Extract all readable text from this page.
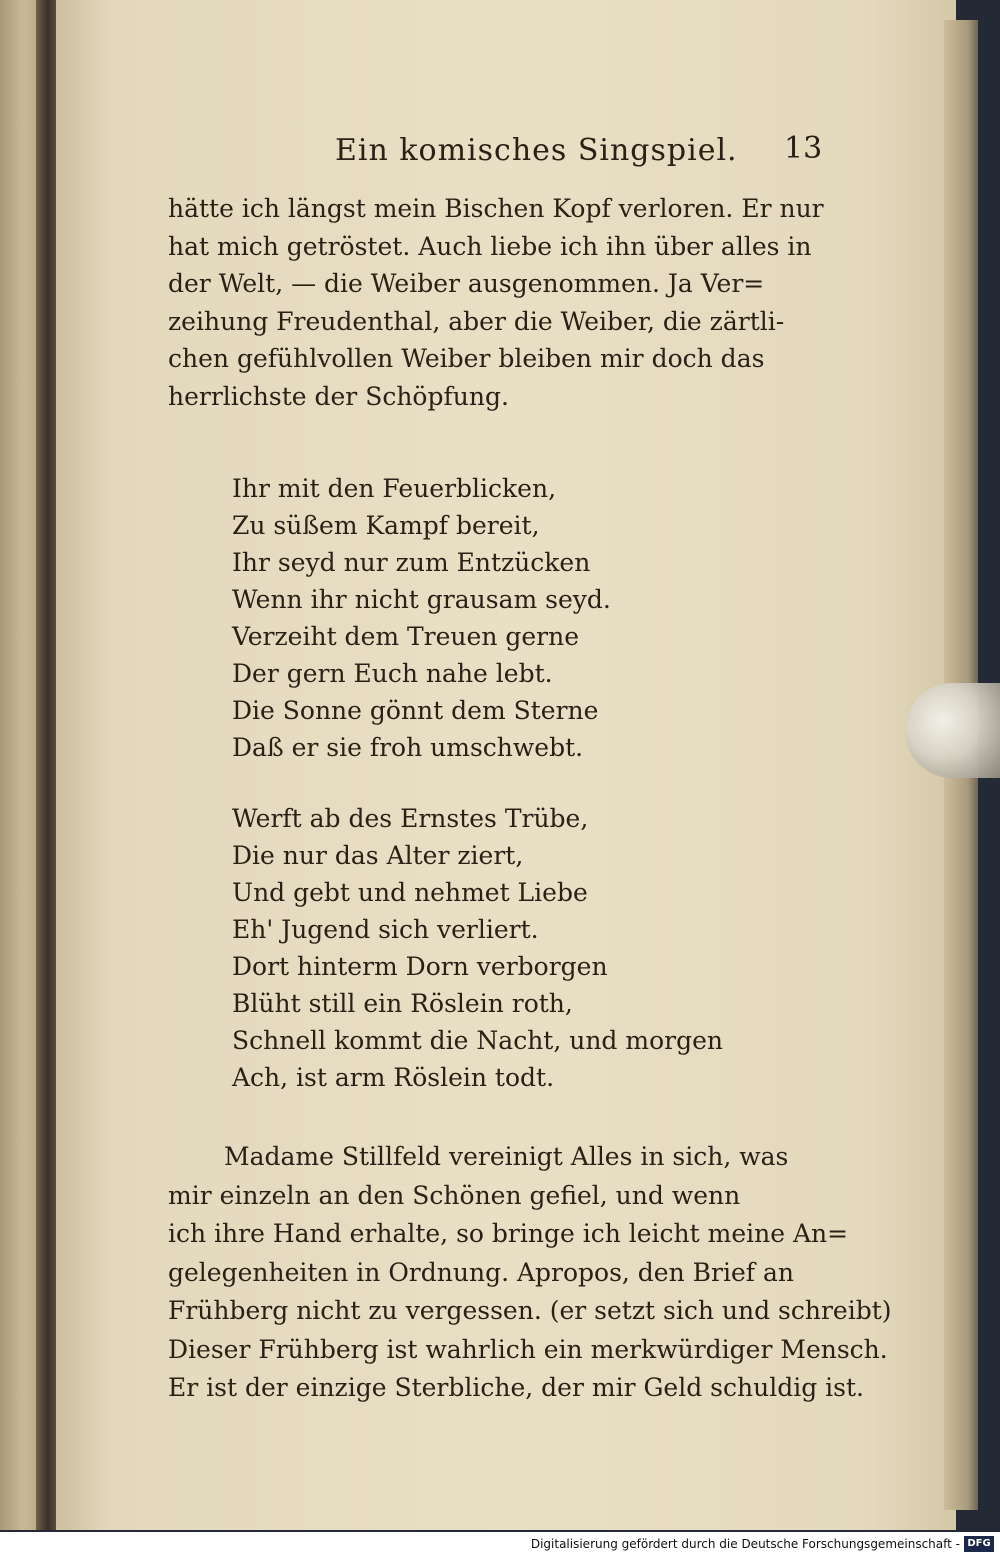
Ein komisches Singspiel. 13
hätte ich längst mein Bischen Kopf verloren. Er nur
hat mich getröstet. Auch liebe ich ihn über alles in
der Welt, — die Weiber ausgenommen. Ja Ver=
zeihung Freudenthal, aber die Weiber, die zärtli-
chen gefühlvollen Weiber bleiben mir doch das
herrlichste der Schöpfung.
Ihr mit den Feuerblicken,
Zu süßem Kampf bereit,
Ihr seyd nur zum Entzücken
Wenn ihr nicht grausam seyd.
Verzeiht dem Treuen gerne
Der gern Euch nahe lebt.
Die Sonne gönnt dem Sterne
Daß er sie froh umschwebt.
Werft ab des Ernstes Trübe,
Die nur das Alter ziert,
Und gebt und nehmet Liebe
Eh' Jugend sich verliert.
Dort hinterm Dorn verborgen
Blüht still ein Röslein roth,
Schnell kommt die Nacht, und morgen
Ach, ist arm Röslein todt.
Madame Stillfeld vereinigt Alles in sich, was
mir einzeln an den Schönen gefiel, und wenn
ich ihre Hand erhalte, so bringe ich leicht meine An=
gelegenheiten in Ordnung. Apropos, den Brief an
Frühberg nicht zu vergessen. (er setzt sich und schreibt)
Dieser Frühberg ist wahrlich ein merkwürdiger Mensch.
Er ist der einzige Sterbliche, der mir Geld schuldig ist.
Digitalisierung gefördert durch die Deutsche Forschungsgemeinschaft - DFG
